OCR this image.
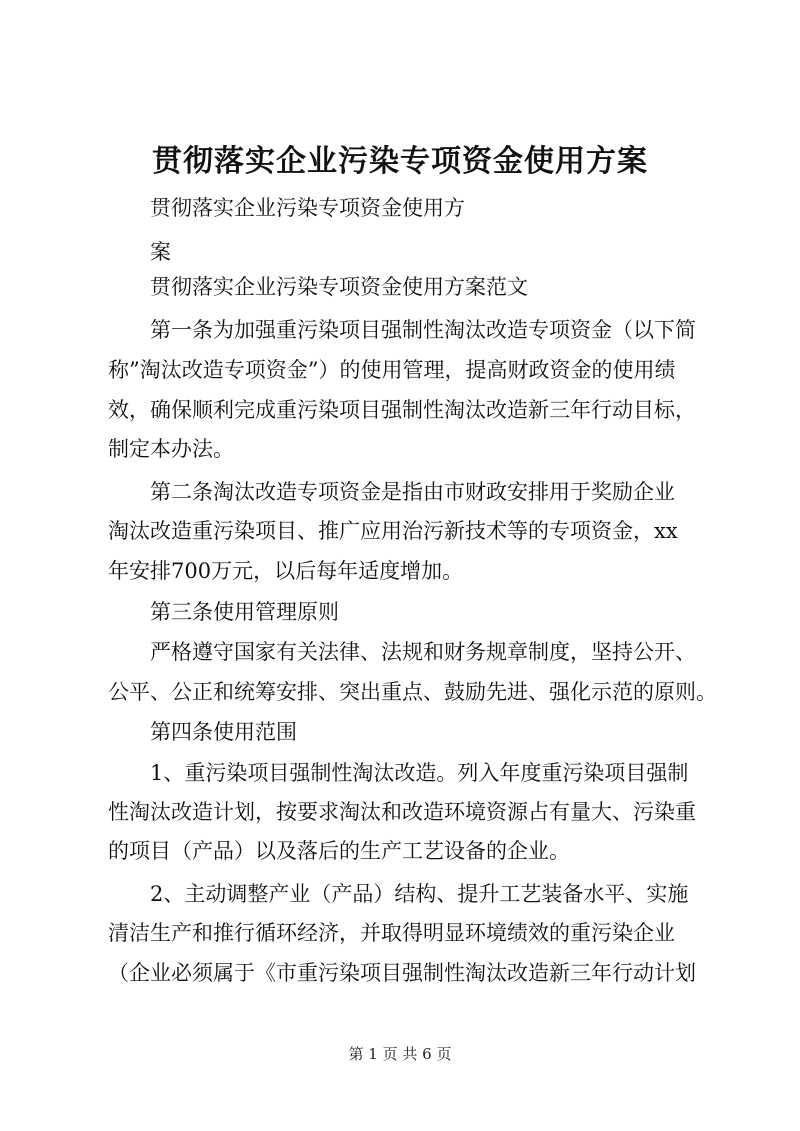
贯彻落实企业污染专项资金使用方案

贯彻落实企业污染专项资金使用方

案

贯彻落实企业污染专项资金使用方案范文

第一条为加强重污染项目强制性淘汰改造专项资金（以下简

称”淘汰改造专项资金”）的使用管理，提高财政资金的使用绩

效，确保顺利完成重污染项目强制性淘汰改造新三年行动目标，

制定本办法。

第二条淘汰改造专项资金是指由市财政安排用于奖励企业

淘汰改造重污染项目、推广应用治污新技术等的专项资金，xx

年安排700万元，以后每年适度增加。

第三条使用管理原则

严格遵守国家有关法律、法规和财务规章制度，坚持公开、

公平、公正和统筹安排、突出重点、鼓励先进、强化示范的原则。

第四条使用范围

1、重污染项目强制性淘汰改造。列入年度重污染项目强制

性淘汰改造计划，按要求淘汰和改造环境资源占有量大、污染重

的项目（产品）以及落后的生产工艺设备的企业。

2、主动调整产业（产品）结构、提升工艺装备水平、实施

清洁生产和推行循环经济，并取得明显环境绩效的重污染企业

（企业必须属于《市重污染项目强制性淘汰改造新三年行动计划

第 1 页 共 6 页
